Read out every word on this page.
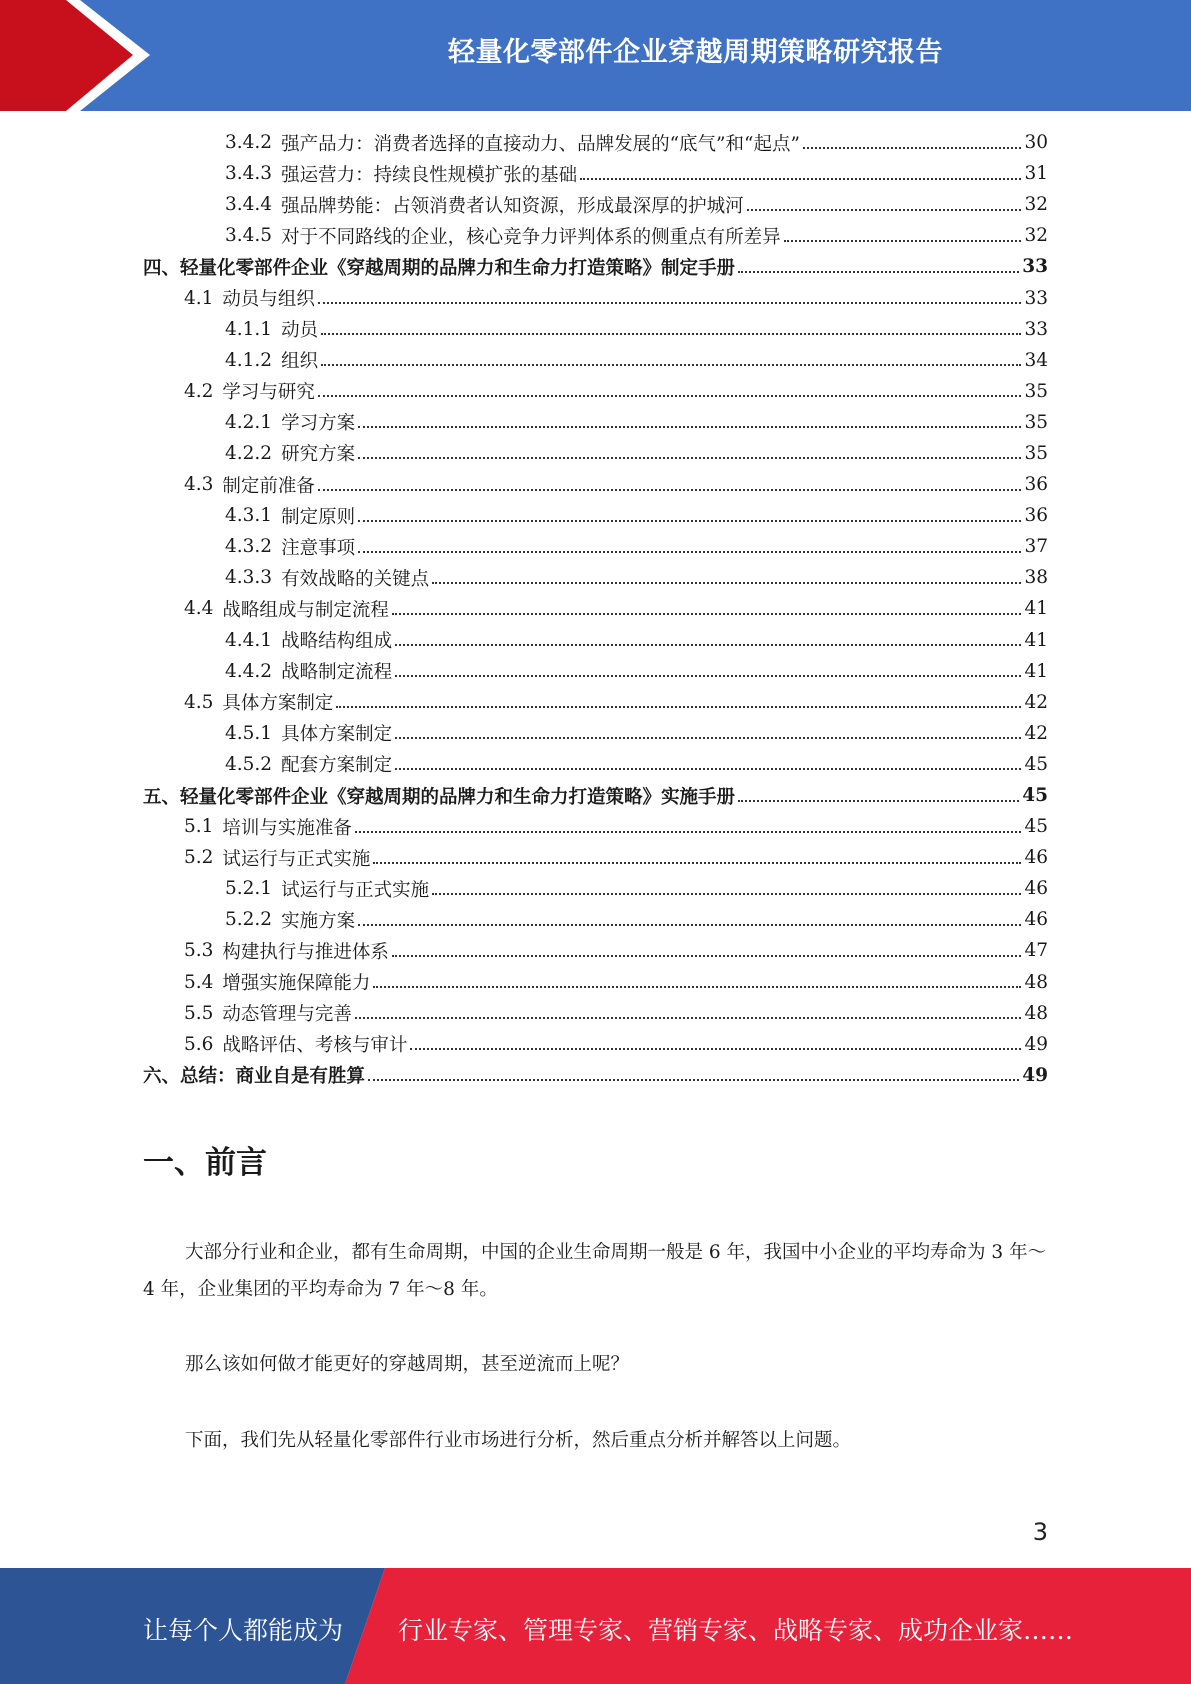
轻量化零部件企业穿越周期策略研究报告
3.4.2 强产品力：消费者选择的直接动力、品牌发展的“底气”和“起点”	30
3.4.3 强运营力：持续良性规模扩张的基础	31
3.4.4 强品牌势能：占领消费者认知资源，形成最深厚的护城河	32
3.4.5 对于不同路线的企业，核心竞争力评判体系的侧重点有所差异	32
四、轻量化零部件企业《穿越周期的品牌力和生命力打造策略》制定手册	33
4.1 动员与组织	33
4.1.1 动员	33
4.1.2 组织	34
4.2 学习与研究	35
4.2.1 学习方案	35
4.2.2 研究方案	35
4.3 制定前准备	36
4.3.1 制定原则	36
4.3.2 注意事项	37
4.3.3 有效战略的关键点	38
4.4 战略组成与制定流程	41
4.4.1 战略结构组成	41
4.4.2 战略制定流程	41
4.5 具体方案制定	42
4.5.1 具体方案制定	42
4.5.2 配套方案制定	45
五、轻量化零部件企业《穿越周期的品牌力和生命力打造策略》实施手册	45
5.1 培训与实施准备	45
5.2 试运行与正式实施	46
5.2.1 试运行与正式实施	46
5.2.2 实施方案	46
5.3 构建执行与推进体系	47
5.4 增强实施保障能力	48
5.5 动态管理与完善	48
5.6 战略评估、考核与审计	49
六、总结：商业自是有胜算	49
一、前言

大部分行业和企业，都有生命周期，中国的企业生命周期一般是 6 年，我国中小企业的平均寿命为 3 年～4 年，企业集团的平均寿命为 7 年～8 年。

那么该如何做才能更好的穿越周期，甚至逆流而上呢？

下面，我们先从轻量化零部件行业市场进行分析，然后重点分析并解答以上问题。

3
让每个人都能成为 行业专家、管理专家、营销专家、战略专家、成功企业家……
